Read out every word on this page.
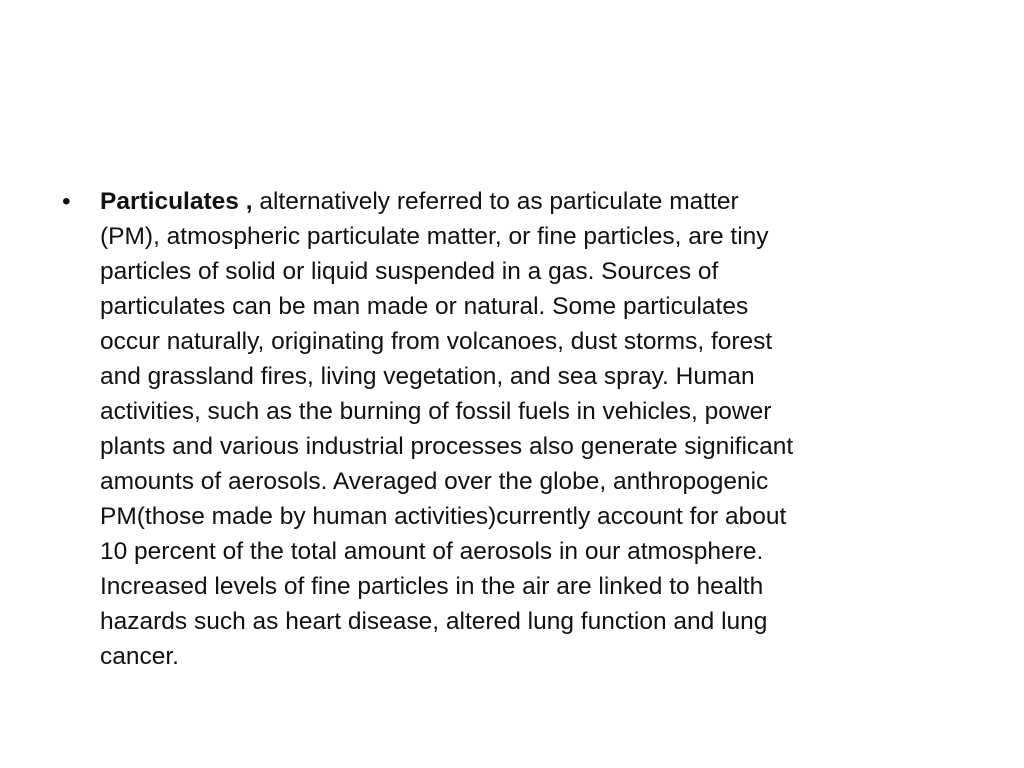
• Particulates , alternatively referred to as particulate matter
(PM), atmospheric particulate matter, or fine particles, are tiny
particles of solid or liquid suspended in a gas. Sources of
particulates can be man made or natural. Some particulates
occur naturally, originating from volcanoes, dust storms, forest
and grassland fires, living vegetation, and sea spray. Human
activities, such as the burning of fossil fuels in vehicles, power
plants and various industrial processes also generate significant
amounts of aerosols. Averaged over the globe, anthropogenic
PM(those made by human activities)currently account for about
10 percent of the total amount of aerosols in our atmosphere.
Increased levels of fine particles in the air are linked to health
hazards such as heart disease, altered lung function and lung
cancer.
